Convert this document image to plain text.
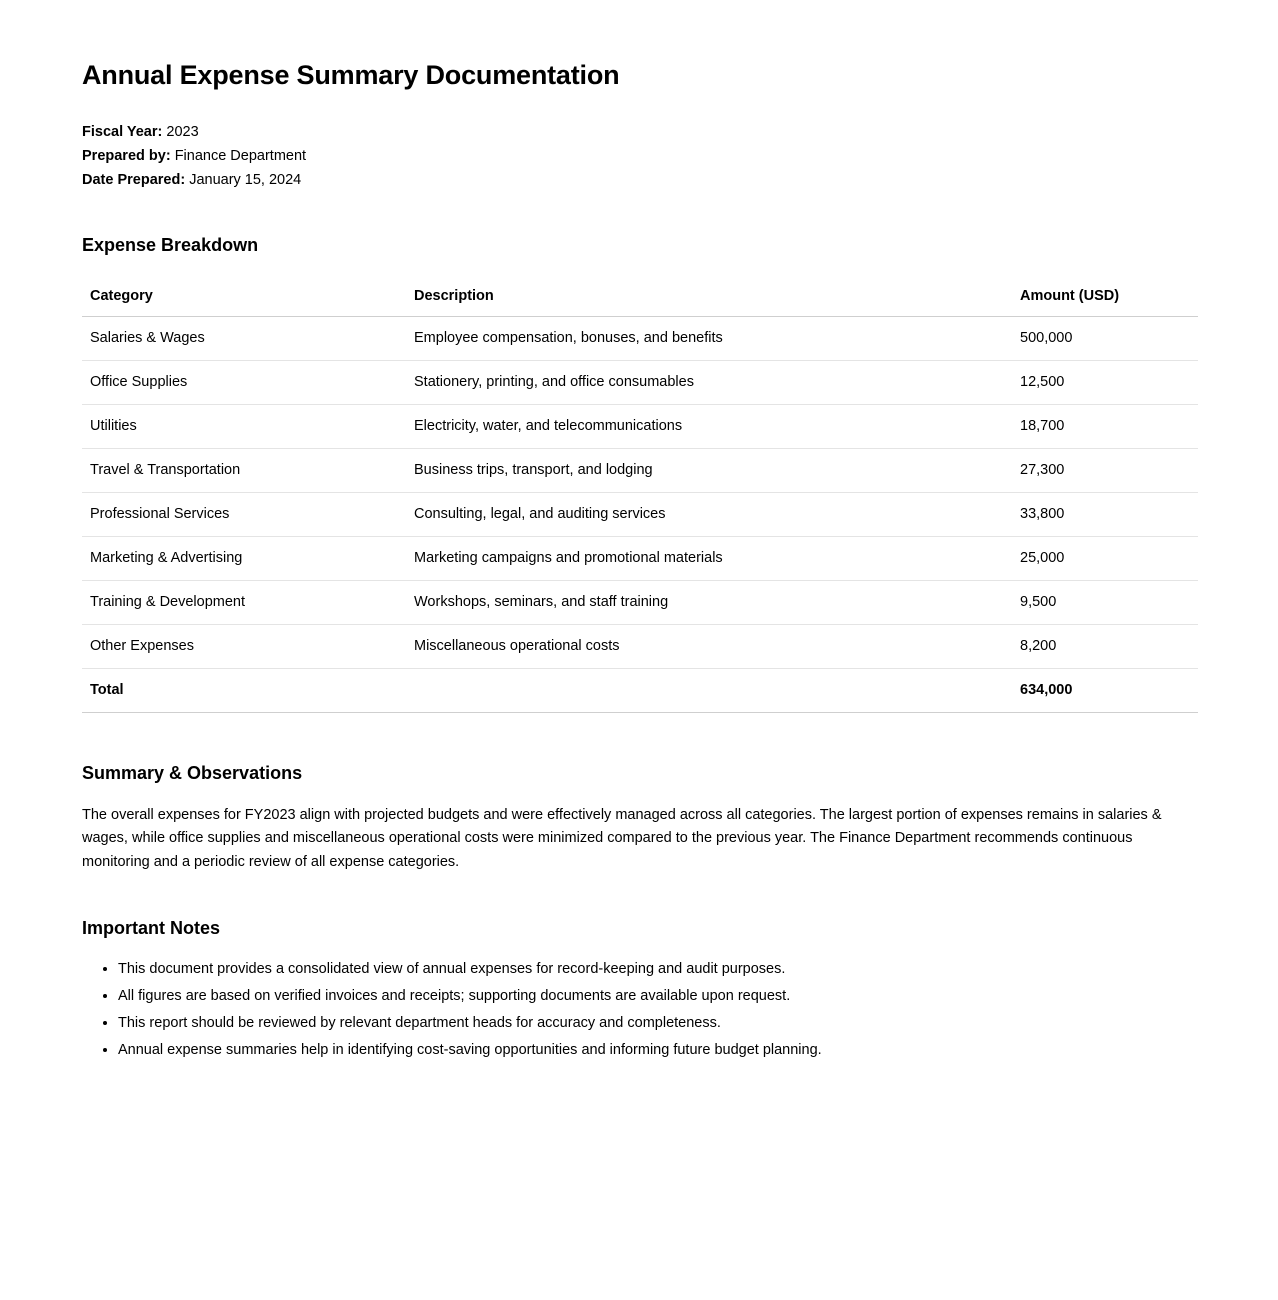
Annual Expense Summary Documentation
Fiscal Year: 2023
Prepared by: Finance Department
Date Prepared: January 15, 2024
Expense Breakdown
Category	Description	Amount (USD)
Salaries & Wages	Employee compensation, bonuses, and benefits	500,000
Office Supplies	Stationery, printing, and office consumables	12,500
Utilities	Electricity, water, and telecommunications	18,700
Travel & Transportation	Business trips, transport, and lodging	27,300
Professional Services	Consulting, legal, and auditing services	33,800
Marketing & Advertising	Marketing campaigns and promotional materials	25,000
Training & Development	Workshops, seminars, and staff training	9,500
Other Expenses	Miscellaneous operational costs	8,200
Total		634,000
Summary & Observations

The overall expenses for FY2023 align with projected budgets and were effectively managed across all categories. The largest portion of expenses remains in salaries & wages, while office supplies and miscellaneous operational costs were minimized compared to the previous year. The Finance Department recommends continuous monitoring and a periodic review of all expense categories.

Important Notes
• This document provides a consolidated view of annual expenses for record-keeping and audit purposes.
• All figures are based on verified invoices and receipts; supporting documents are available upon request.
• This report should be reviewed by relevant department heads for accuracy and completeness.
• Annual expense summaries help in identifying cost-saving opportunities and informing future budget planning.
